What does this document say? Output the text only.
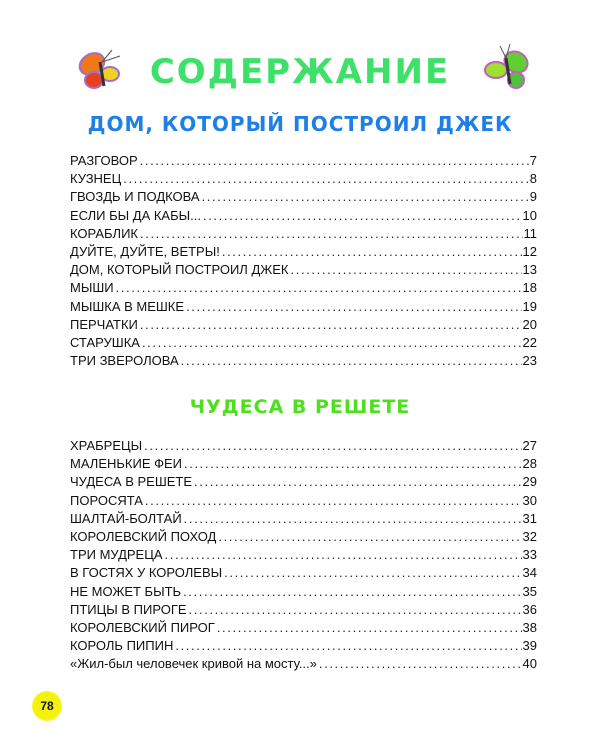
СОДЕРЖАНИЕ
ДОМ, КОТОРЫЙ ПОСТРОИЛ ДЖЕК
ЧУДЕСА В РЕШЕТЕ
РАЗГОВОР . . .	7
КУЗНЕЦ . . .	8
ГВОЗДЬ И ПОДКОВА . . .	9
ЕСЛИ БЫ ДА КАБЫ... . . .	10
КОРАБЛИК . . .	11
ДУЙТЕ, ДУЙТЕ, ВЕТРЫ! . . .	12
ДОМ, КОТОРЫЙ ПОСТРОИЛ ДЖЕК . . .	13
МЫШИ . . .	18
МЫШКА В МЕШКЕ . . .	19
ПЕРЧАТКИ . . .	20
СТАРУШКА . . .	22
ТРИ ЗВЕРОЛОВА . . .	23
ХРАБРЕЦЫ . . .	27
МАЛЕНЬКИЕ ФЕИ . . .	28
ЧУДЕСА В РЕШЕТЕ . . .	29
ПОРОСЯТА . . .	30
ШАЛТАЙ-БОЛТАЙ . . .	31
КОРОЛЕВСКИЙ ПОХОД . . .	32
ТРИ МУДРЕЦА . . .	33
В ГОСТЯХ У КОРОЛЕВЫ . . .	34
НЕ МОЖЕТ БЫТЬ . . .	35
ПТИЦЫ В ПИРОГЕ . . .	36
КОРОЛЕВСКИЙ ПИРОГ . . .	38
КОРОЛЬ ПИПИН . . .	39
«Жил-был человечек кривой на мосту...» . . .	40
78
